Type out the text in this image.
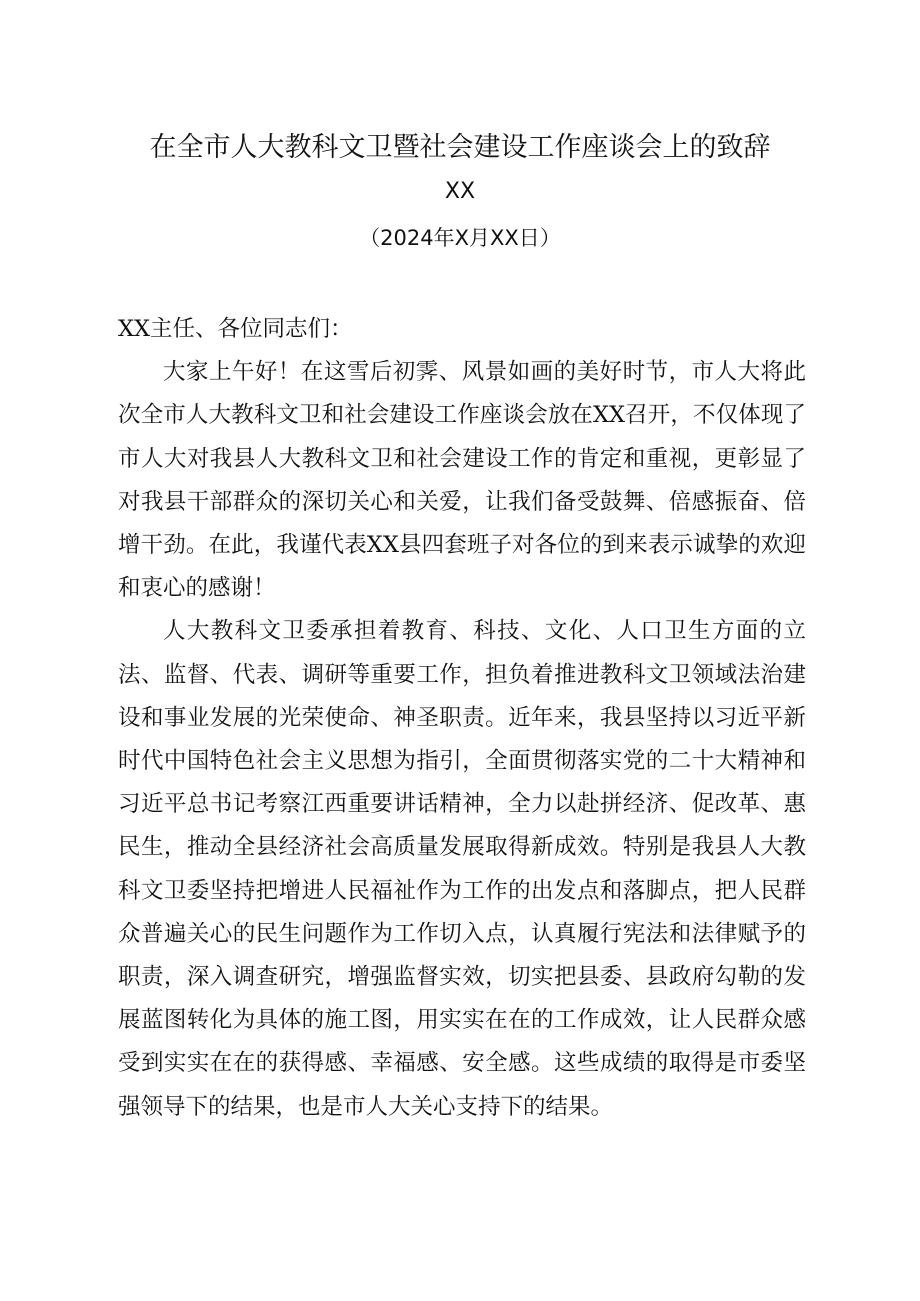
在全市人大教科文卫暨社会建设工作座谈会上的致辞
XX
（2024年X月XX日）

XX主任、各位同志们：

大家上午好！在这雪后初霁、风景如画的美好时节，市人大将此次全市人大教科文卫和社会建设工作座谈会放在XX召开，不仅体现了市人大对我县人大教科文卫和社会建设工作的肯定和重视，更彰显了对我县干部群众的深切关心和关爱，让我们备受鼓舞、倍感振奋、倍增干劲。在此，我谨代表XX县四套班子对各位的到来表示诚挚的欢迎和衷心的感谢！

人大教科文卫委承担着教育、科技、文化、人口卫生方面的立法、监督、代表、调研等重要工作，担负着推进教科文卫领域法治建设和事业发展的光荣使命、神圣职责。近年来，我县坚持以习近平新时代中国特色社会主义思想为指引，全面贯彻落实党的二十大精神和习近平总书记考察江西重要讲话精神，全力以赴拼经济、促改革、惠民生，推动全县经济社会高质量发展取得新成效。特别是我县人大教科文卫委坚持把增进人民福祉作为工作的出发点和落脚点，把人民群众普遍关心的民生问题作为工作切入点，认真履行宪法和法律赋予的职责，深入调查研究，增强监督实效，切实把县委、县政府勾勒的发展蓝图转化为具体的施工图，用实实在在的工作成效，让人民群众感受到实实在在的获得感、幸福感、安全感。这些成绩的取得是市委坚强领导下的结果，也是市人大关心支持下的结果。
